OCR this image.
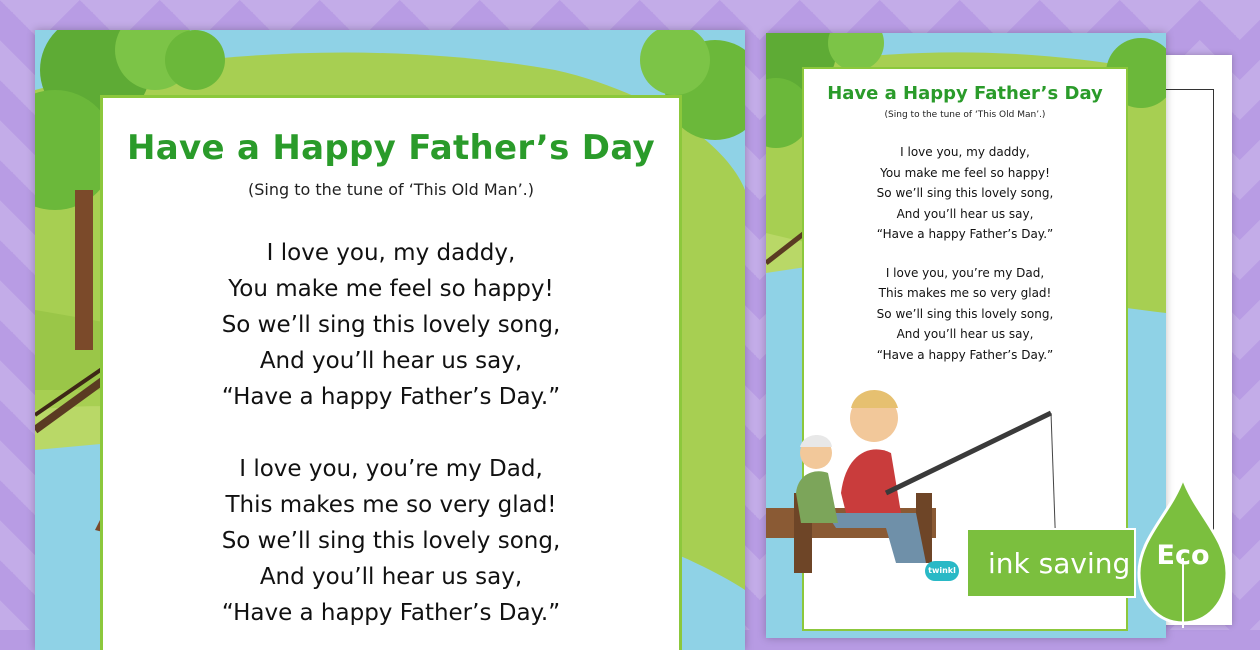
Have a Happy Father’s Day
(Sing to the tune of ‘This Old Man’.)
I love you, my daddy,
You make me feel so happy!
So we’ll sing this lovely song,
And you’ll hear us say,
“Have a happy Father’s Day.”
I love you, you’re my Dad,
This makes me so very glad!
So we’ll sing this lovely song,
And you’ll hear us say,
“Have a happy Father’s Day.”
Have a Happy Father’s Day
(Sing to the tune of ‘This Old Man’.)
I love you, my daddy,
You make me feel so happy!
So we’ll sing this lovely song,
And you’ll hear us say,
“Have a happy Father’s Day.”
I love you, you’re my Dad,
This makes me so very glad!
So we’ll sing this lovely song,
And you’ll hear us say,
“Have a happy Father’s Day.”
ink saving Eco
twinkl
